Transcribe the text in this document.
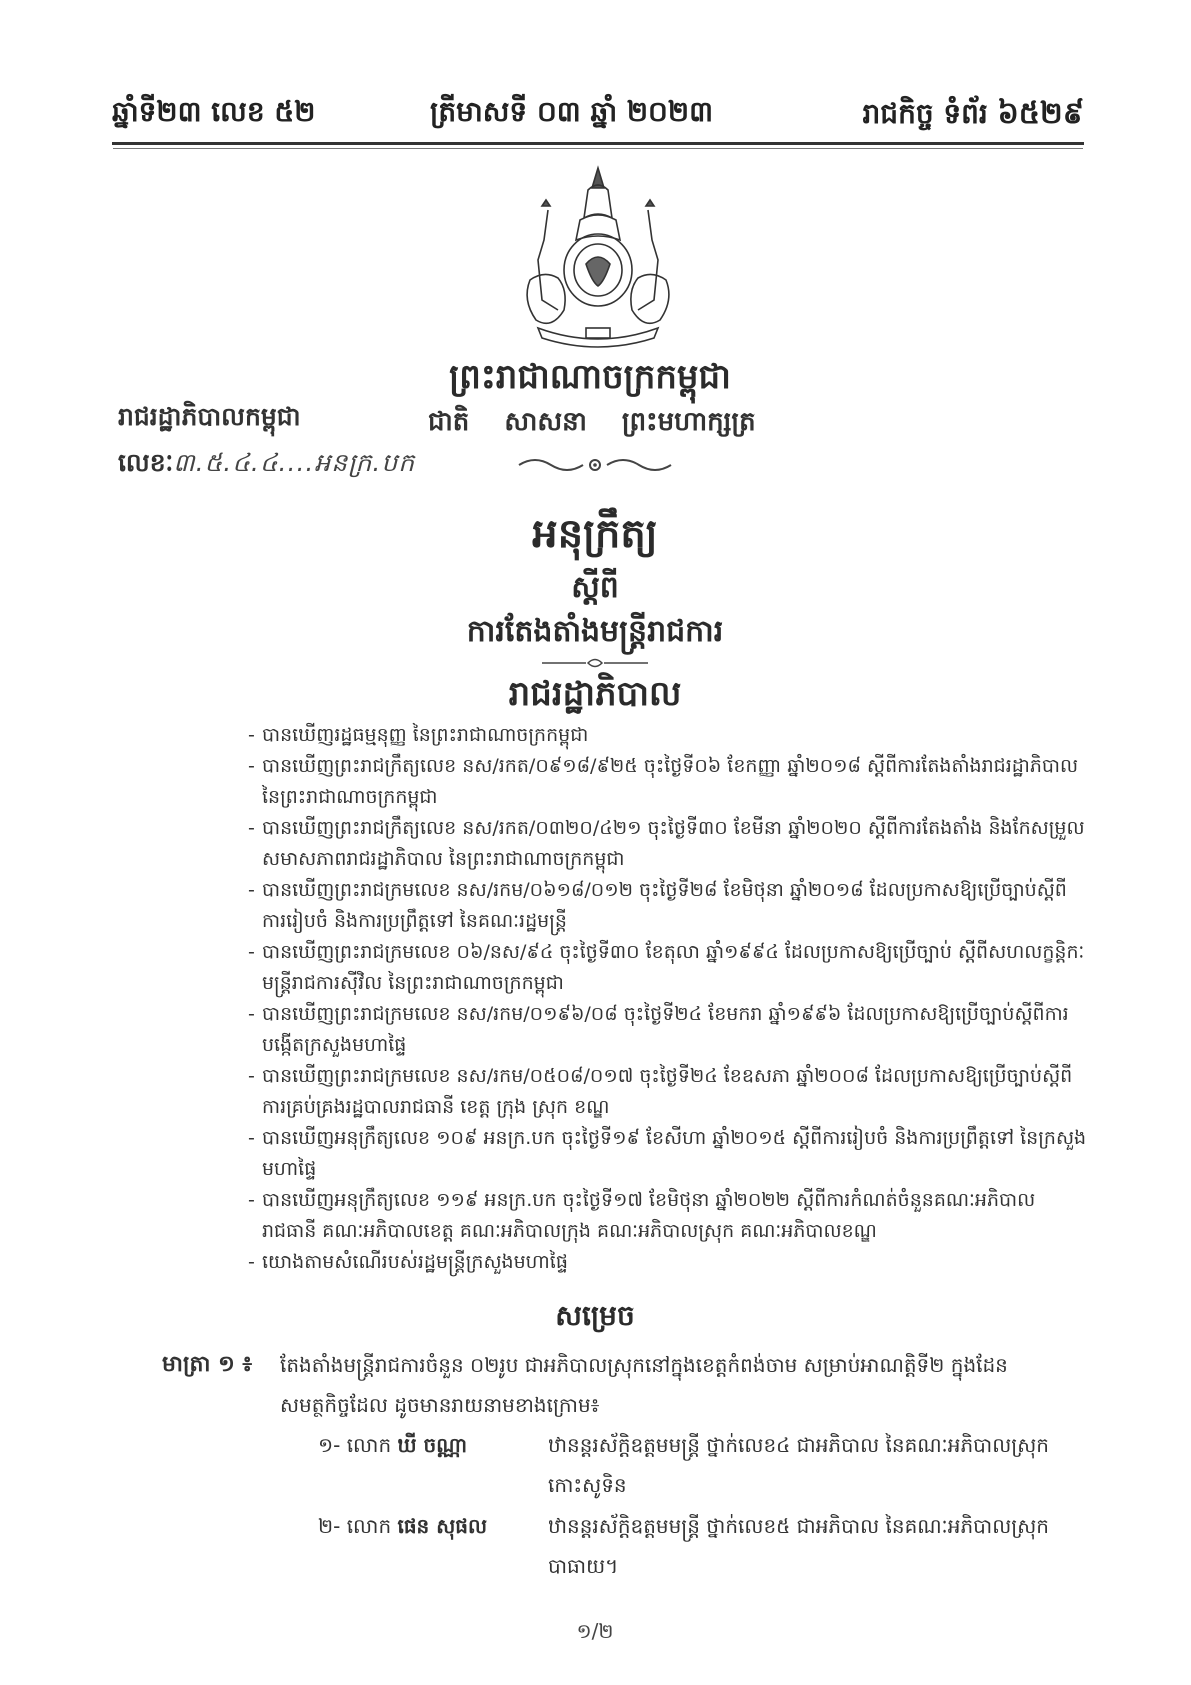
ឆ្នាំទី២៣ លេខ ៥២	ត្រីមាសទី ០៣ ឆ្នាំ ២០២៣	រាជកិច្ច ទំព័រ ៦៥២៩
ព្រះរាជាណាចក្រកម្ពុជា
ជាតិ សាសនា ព្រះមហាក្សត្រ
រាជរដ្ឋាភិបាលកម្ពុជា
លេខៈ៣.៥.៤.៤....អនក្រ.បក
អនុក្រឹត្យ
ស្តីពី
ការតែងតាំងមន្ត្រីរាជការ
រាជរដ្ឋាភិបាល
- បានឃើញរដ្ឋធម្មនុញ្ញ នៃព្រះរាជាណាចក្រកម្ពុជា
- បានឃើញព្រះរាជក្រឹត្យលេខ នស/រកត/០៩១៨/៩២៥ ចុះថ្ងៃទី០៦ ខែកញ្ញា ឆ្នាំ២០១៨ ស្តីពីការតែងតាំងរាជរដ្ឋាភិបាល នៃព្រះរាជាណាចក្រកម្ពុជា
- បានឃើញព្រះរាជក្រឹត្យលេខ នស/រកត/០៣២០/៤២១ ចុះថ្ងៃទី៣០ ខែមីនា ឆ្នាំ២០២០ ស្តីពីការតែងតាំង និងកែសម្រួលសមាសភាពរាជរដ្ឋាភិបាល នៃព្រះរាជាណាចក្រកម្ពុជា
- បានឃើញព្រះរាជក្រមលេខ នស/រកម/០៦១៨/០១២ ចុះថ្ងៃទី២៨ ខែមិថុនា ឆ្នាំ២០១៨ ដែលប្រកាសឱ្យប្រើច្បាប់ស្តីពីការរៀបចំ និងការប្រព្រឹត្តទៅ នៃគណៈរដ្ឋមន្ត្រី
- បានឃើញព្រះរាជក្រមលេខ ០៦/នស/៩៤ ចុះថ្ងៃទី៣០ ខែតុលា ឆ្នាំ១៩៩៤ ដែលប្រកាសឱ្យប្រើច្បាប់ ស្តីពីសហលក្ខន្តិកៈមន្ត្រីរាជការស៊ីវិល នៃព្រះរាជាណាចក្រកម្ពុជា
- បានឃើញព្រះរាជក្រមលេខ នស/រកម/០១៩៦/០៨ ចុះថ្ងៃទី២៤ ខែមករា ឆ្នាំ១៩៩៦ ដែលប្រកាសឱ្យប្រើច្បាប់ស្តីពីការបង្កើតក្រសួងមហាផ្ទៃ
- បានឃើញព្រះរាជក្រមលេខ នស/រកម/០៥០៨/០១៧ ចុះថ្ងៃទី២៤ ខែឧសភា ឆ្នាំ២០០៨ ដែលប្រកាសឱ្យប្រើច្បាប់ស្តីពីការគ្រប់គ្រងរដ្ឋបាលរាជធានី ខេត្ត ក្រុង ស្រុក ខណ្ឌ
- បានឃើញអនុក្រឹត្យលេខ ១០៩ អនក្រ.បក ចុះថ្ងៃទី១៩ ខែសីហា ឆ្នាំ២០១៥ ស្តីពីការរៀបចំ និងការប្រព្រឹត្តទៅ នៃក្រសួងមហាផ្ទៃ
- បានឃើញអនុក្រឹត្យលេខ ១១៩ អនក្រ.បក ចុះថ្ងៃទី១៧ ខែមិថុនា ឆ្នាំ២០២២ ស្តីពីការកំណត់ចំនួនគណៈអភិបាលរាជធានី គណៈអភិបាលខេត្ត គណៈអភិបាលក្រុង គណៈអភិបាលស្រុក គណៈអភិបាលខណ្ឌ
- យោងតាមសំណើរបស់រដ្ឋមន្ត្រីក្រសួងមហាផ្ទៃ
សម្រេច
មាត្រា ១ ៖ តែងតាំងមន្ត្រីរាជការចំនួន ០២រូប ជាអភិបាលស្រុកនៅក្នុងខេត្តកំពង់ចាម សម្រាប់អាណត្តិទី២ ក្នុងដែន
សមត្ថកិច្ចដែល ដូចមានរាយនាមខាងក្រោម៖
១- លោក ឃី ចណ្ណា	ឋានន្តរស័ក្តិឧត្តមមន្ត្រី ថ្នាក់លេខ៤ ជាអភិបាល នៃគណៈអភិបាលស្រុក
កោះសូទិន
២- លោក ផេន សុផល	ឋានន្តរស័ក្តិឧត្តមមន្ត្រី ថ្នាក់លេខ៥ ជាអភិបាល នៃគណៈអភិបាលស្រុក
បាធាយ។
១/២
